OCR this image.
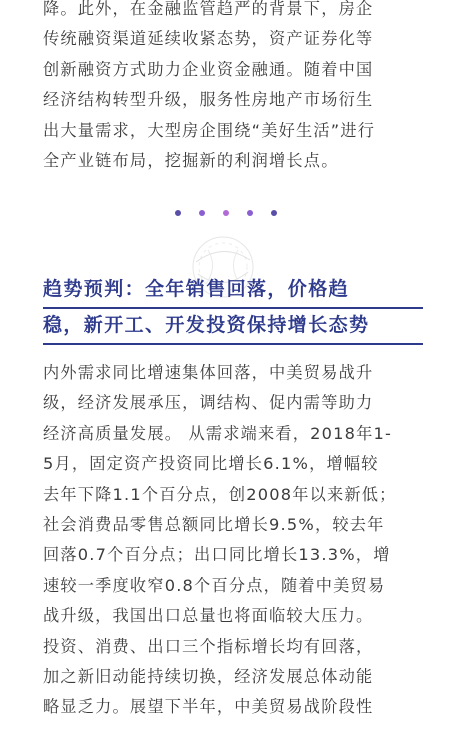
降。此外，在金融监管趋严的背景下，房企
传统融资渠道延续收紧态势，资产证券化等
创新融资方式助力企业资金融通。随着中国
经济结构转型升级，服务性房地产市场衍生
出大量需求，大型房企围绕“美好生活”进行
全产业链布局，挖掘新的利润增长点。

趋势预判：全年销售回落，价格趋
稳，新开工、开发投资保持增长态势

内外需求同比增速集体回落，中美贸易战升
级，经济发展承压，调结构、促内需等助力
经济高质量发展。 从需求端来看，2018年1-
5月，固定资产投资同比增长6.1%，增幅较
去年下降1.1个百分点，创2008年以来新低；
社会消费品零售总额同比增长9.5%，较去年
回落0.7个百分点；出口同比增长13.3%，增
速较一季度收窄0.8个百分点，随着中美贸易
战升级，我国出口总量也将面临较大压力。
投资、消费、出口三个指标增长均有回落，
加之新旧动能持续切换，经济发展总体动能
略显乏力。展望下半年，中美贸易战阶段性
